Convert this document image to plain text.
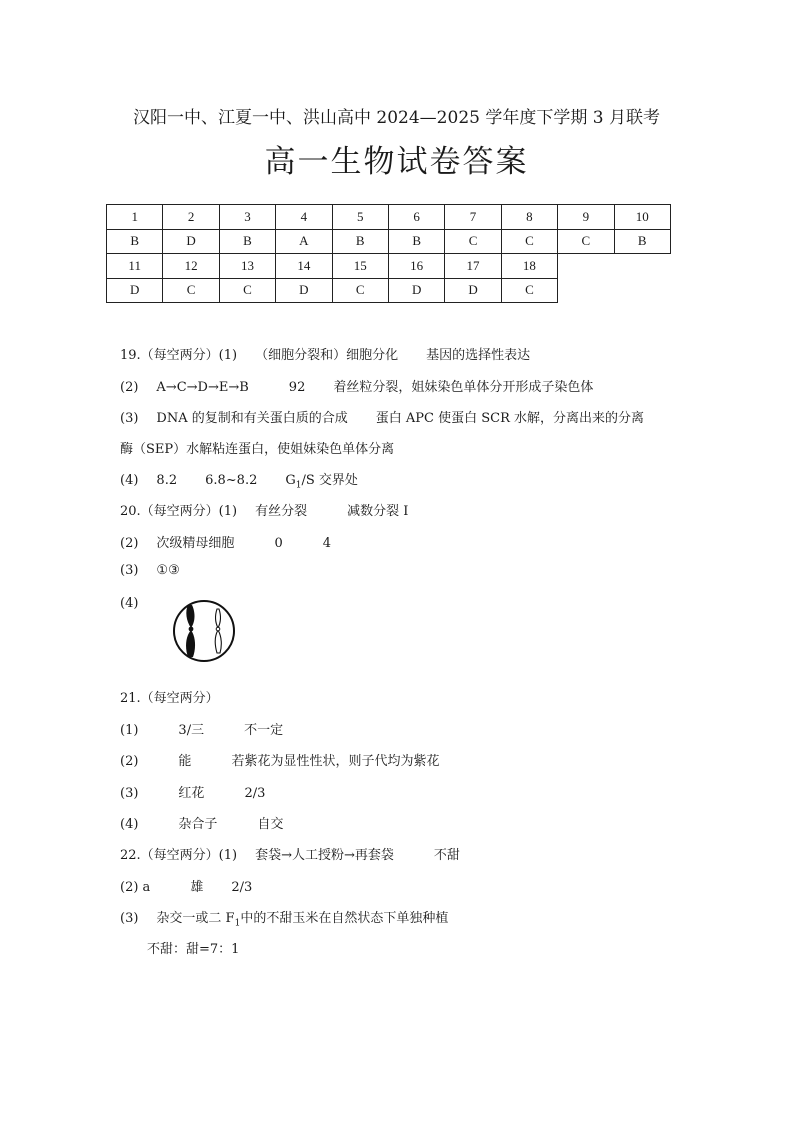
汉阳一中、江夏一中、洪山高中 2024—2025 学年度下学期 3 月联考
高一生物试卷答案
1	2	3	4	5	6	7	8	9	10
B	D	B	A	B	B	C	C	C	B
11	12	13	14	15	16	17	18		
D	C	C	D	C	D	D	C		
19.（每空两分）(1) （细胞分裂和）细胞分化 基因的选择性表达
(2) A→C→D→E→B	92 着丝粒分裂，姐妹染色单体分开形成子染色体
(3) DNA 的复制和有关蛋白质的合成 蛋白 APC 使蛋白 SCR 水解，分离出来的分离
酶（SEP）水解粘连蛋白，使姐妹染色单体分离
(4) 8.2 6.8~8.2 $G_1/S$ 交界处
20.（每空两分）(1) 有丝分裂	减数分裂 I
(2) 次级精母细胞	0	4
(3) ①③
(4)
21.（每空两分）
(1)	3/三	不一定
(2)	能	若紫花为显性性状，则子代均为紫花
(3)	红花	2/3
(4)	杂合子	自交
22.（每空两分）(1) 套袋→人工授粉→再套袋	不甜
(2) a	雄 2/3
(3) 杂交一或二 $F_1$中的不甜玉米在自然状态下单独种植
不甜：甜=7：1
